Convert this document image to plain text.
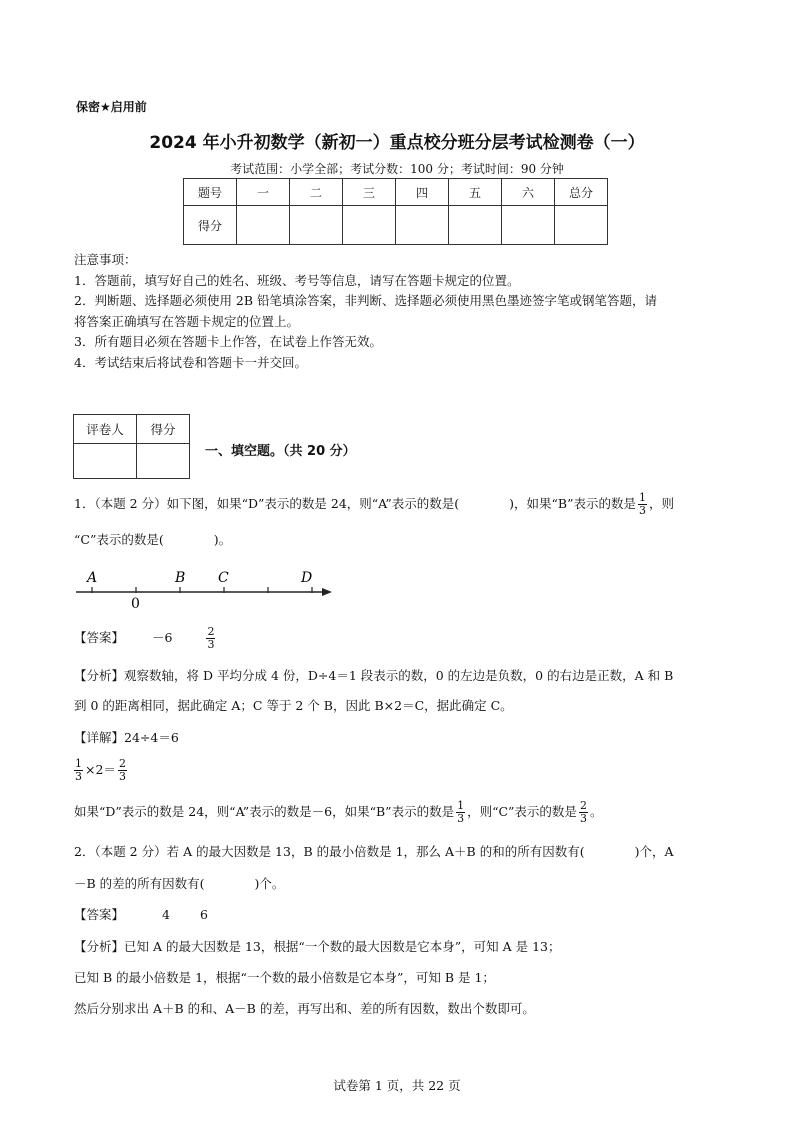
保密★启用前
2024 年小升初数学（新初一）重点校分班分层考试检测卷（一）
考试范围：小学全部；考试分数：100 分；考试时间：90 分钟
题号	一	二	三	四	五	六	总分
得分							
注意事项：
1．答题前，填写好自己的姓名、班级、考号等信息，请写在答题卡规定的位置。
2．判断题、选择题必须使用 2B 铅笔填涂答案，非判断、选择题必须使用黑色墨迹签字笔或钢笔答题，请
将答案正确填写在答题卡规定的位置上。
3．所有题目必须在答题卡上作答，在试卷上作答无效。
4．考试结束后将试卷和答题卡一并交回。
评卷人	得分

一、填空题。（共 20 分）
1．（本题 2 分）如下图，如果“D”表示的数是 24，则“A”表示的数是(	)，如果“B”表示的数是 $\frac{1}{3}$ ，则
“C”表示的数是(	)。
A
0
B C	D
【答案】 －6	$\frac{2}{3}$
【分析】观察数轴，将 D 平均分成 4 份，D÷4＝1 段表示的数，0 的左边是负数，0 的右边是正数，A 和 B
到 0 的距离相同，据此确定 A；C 等于 2 个 B，因此 B×2＝C，据此确定 C。
【详解】24÷4＝6
$\frac{1}{3} \times 2= \frac{2}{3}$
如果“D”表示的数是 24，则“A”表示的数是－6，如果“B”表示的数是 $\frac{1}{3}$ ，则“C”表示的数是 $\frac{2}{3}$ 。
2．（本题 2 分）若 A 的最大因数是 13，B 的最小倍数是 1，那么 A＋B 的和的所有因数有(	)个，A
－B 的差的所有因数有(	)个。
【答案】	4 6
【分析】已知 A 的最大因数是 13，根据“一个数的最大因数是它本身”，可知 A 是 13；
已知 B 的最小倍数是 1，根据“一个数的最小倍数是它本身”，可知 B 是 1；
然后分别求出 A＋B 的和、A－B 的差，再写出和、差的所有因数，数出个数即可。
试卷第 1 页，共 22 页
